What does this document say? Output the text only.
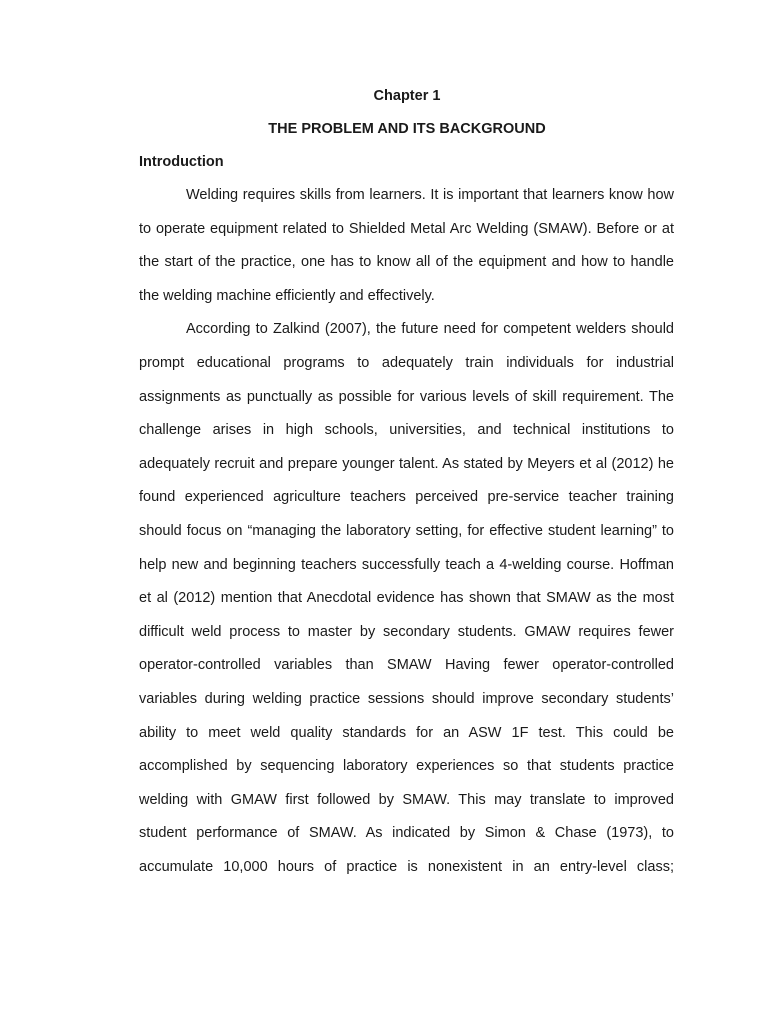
Chapter 1
THE PROBLEM AND ITS BACKGROUND
Introduction

Welding requires skills from learners. It is important that learners know how to operate equipment related to Shielded Metal Arc Welding (SMAW). Before or at the start of the practice, one has to know all of the equipment and how to handle the welding machine efficiently and effectively.

According to Zalkind (2007), the future need for competent welders should prompt educational programs to adequately train individuals for industrial assignments as punctually as possible for various levels of skill requirement. The challenge arises in high schools, universities, and technical institutions to adequately recruit and prepare younger talent. As stated by Meyers et al (2012) he found experienced agriculture teachers perceived pre-service teacher training should focus on “managing the laboratory setting, for effective student learning” to help new and beginning teachers successfully teach a 4-welding course. Hoffman et al (2012) mention that Anecdotal evidence has shown that SMAW as the most difficult weld process to master by secondary students. GMAW requires fewer operator-controlled variables than SMAW Having fewer operator-controlled variables during welding practice sessions should improve secondary students’ ability to meet weld quality standards for an ASW 1F test. This could be accomplished by sequencing laboratory experiences so that students practice welding with GMAW first followed by SMAW. This may translate to improved student performance of SMAW. As indicated by Simon & Chase (1973), to accumulate 10,000 hours of practice is nonexistent in an entry-level class;
